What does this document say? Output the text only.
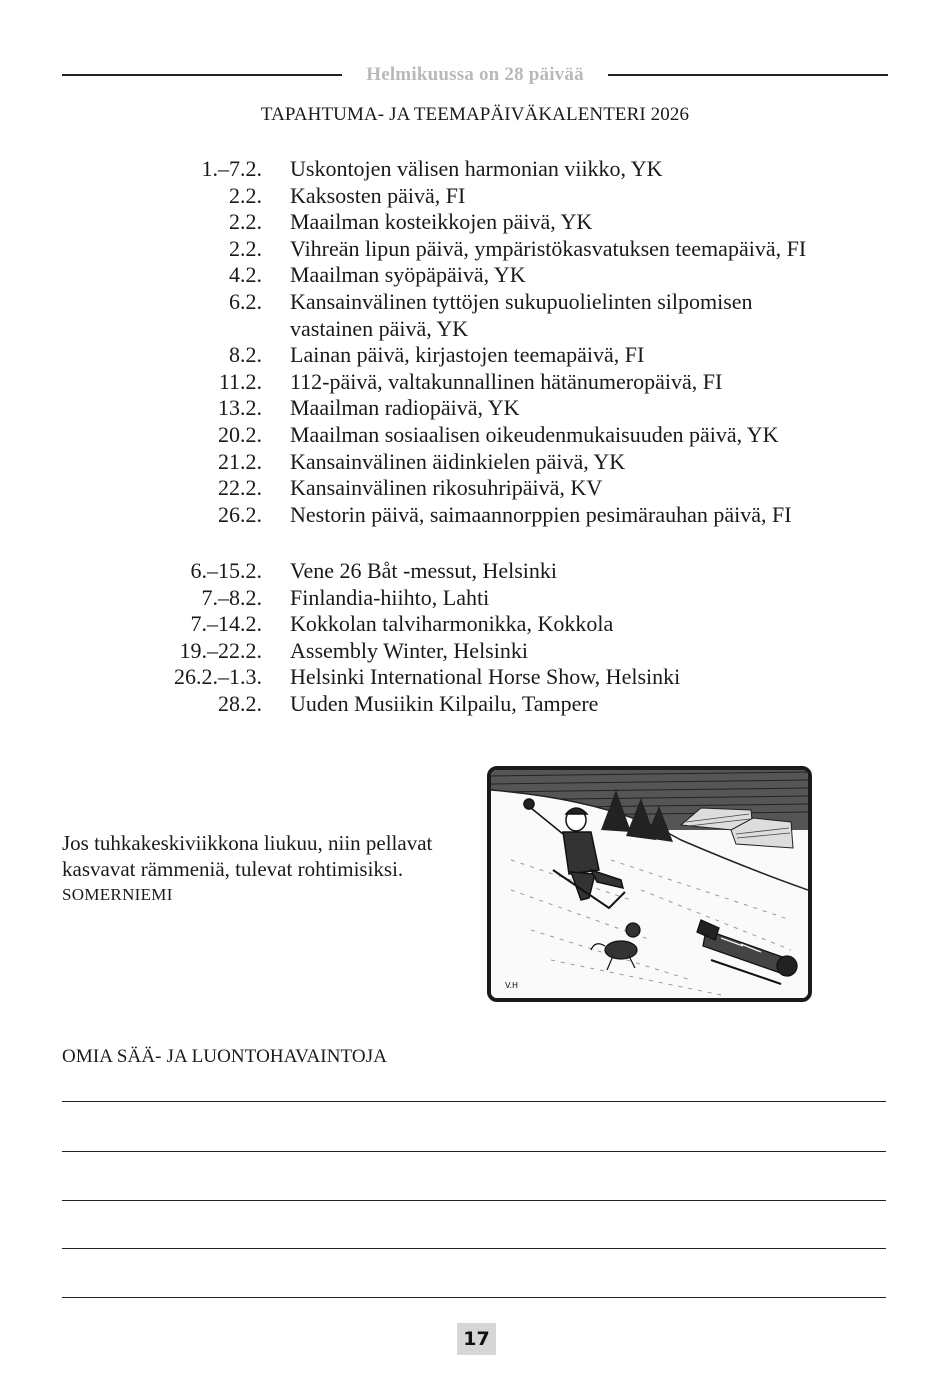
Helmikuussa on 28 päivää
TAPAHTUMA- JA TEEMAPÄIVÄKALENTERI 2026
1.–7.2.	Uskontojen välisen harmonian viikko, YK
2.2.	Kaksosten päivä, FI
2.2.	Maailman kosteikkojen päivä, YK
2.2.	Vihreän lipun päivä, ympäristökasvatuksen teemapäivä, FI
4.2.	Maailman syöpäpäivä, YK
6.2.	Kansainvälinen tyttöjen sukupuolielinten silpomisen
vastainen päivä, YK
8.2.	Lainan päivä, kirjastojen teemapäivä, FI
11.2.	112-päivä, valtakunnallinen hätänumeropäivä, FI
13.2.	Maailman radiopäivä, YK
20.2.	Maailman sosiaalisen oikeudenmukaisuuden päivä, YK
21.2.	Kansainvälinen äidinkielen päivä, YK
22.2.	Kansainvälinen rikosuhripäivä, KV
26.2.	Nestorin päivä, saimaannorppien pesimärauhan päivä, FI
6.–15.2.	Vene 26 Båt -messut, Helsinki
7.–8.2.	Finlandia-hiihto, Lahti
7.–14.2.	Kokkolan talviharmonikka, Kokkola
19.–22.2.	Assembly Winter, Helsinki
26.2.–1.3.	Helsinki International Horse Show, Helsinki
28.2.	Uuden Musiikin Kilpailu, Tampere
Jos tuhkakeskiviikkona liukuu, niin pellavat
kasvavat rämmeniä, tulevat rohtimisiksi.
SOMERNIEMI
V.H
OMIA SÄÄ- JA LUONTOHAVAINTOJA
17
